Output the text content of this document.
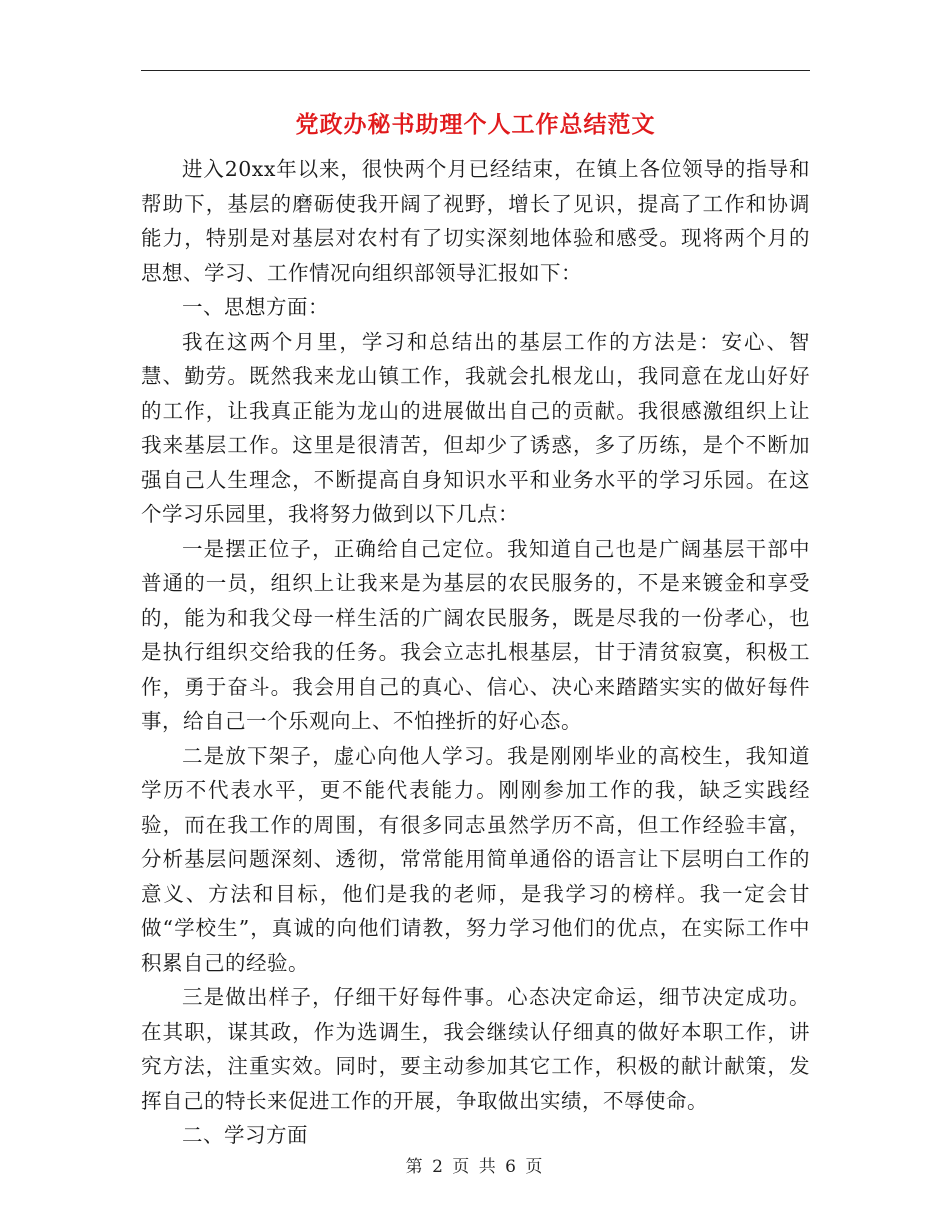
党政办秘书助理个人工作总结范文

进入20xx年以来，很快两个月已经结束，在镇上各位领导的指导和帮助下，基层的磨砺使我开阔了视野，增长了见识，提高了工作和协调能力，特别是对基层对农村有了切实深刻地体验和感受。现将两个月的思想、学习、工作情况向组织部领导汇报如下：

一、思想方面：

我在这两个月里，学习和总结出的基层工作的方法是：安心、智慧、勤劳。既然我来龙山镇工作，我就会扎根龙山，我同意在龙山好好的工作，让我真正能为龙山的进展做出自己的贡献。我很感激组织上让我来基层工作。这里是很清苦，但却少了诱惑，多了历练，是个不断加强自己人生理念，不断提高自身知识水平和业务水平的学习乐园。在这个学习乐园里，我将努力做到以下几点：

一是摆正位子，正确给自己定位。我知道自己也是广阔基层干部中普通的一员，组织上让我来是为基层的农民服务的，不是来镀金和享受的，能为和我父母一样生活的广阔农民服务，既是尽我的一份孝心，也是执行组织交给我的任务。我会立志扎根基层，甘于清贫寂寞，积极工作，勇于奋斗。我会用自己的真心、信心、决心来踏踏实实的做好每件事，给自己一个乐观向上、不怕挫折的好心态。

二是放下架子，虚心向他人学习。我是刚刚毕业的高校生，我知道学历不代表水平，更不能代表能力。刚刚参加工作的我，缺乏实践经验，而在我工作的周围，有很多同志虽然学历不高，但工作经验丰富，分析基层问题深刻、透彻，常常能用简单通俗的语言让下层明白工作的意义、方法和目标，他们是我的老师，是我学习的榜样。我一定会甘做“学校生”，真诚的向他们请教，努力学习他们的优点，在实际工作中积累自己的经验。

三是做出样子，仔细干好每件事。心态决定命运，细节决定成功。在其职，谋其政，作为选调生，我会继续认仔细真的做好本职工作，讲究方法，注重实效。同时，要主动参加其它工作，积极的献计献策，发挥自己的特长来促进工作的开展，争取做出实绩，不辱使命。

二、学习方面

第 2 页 共 6 页
